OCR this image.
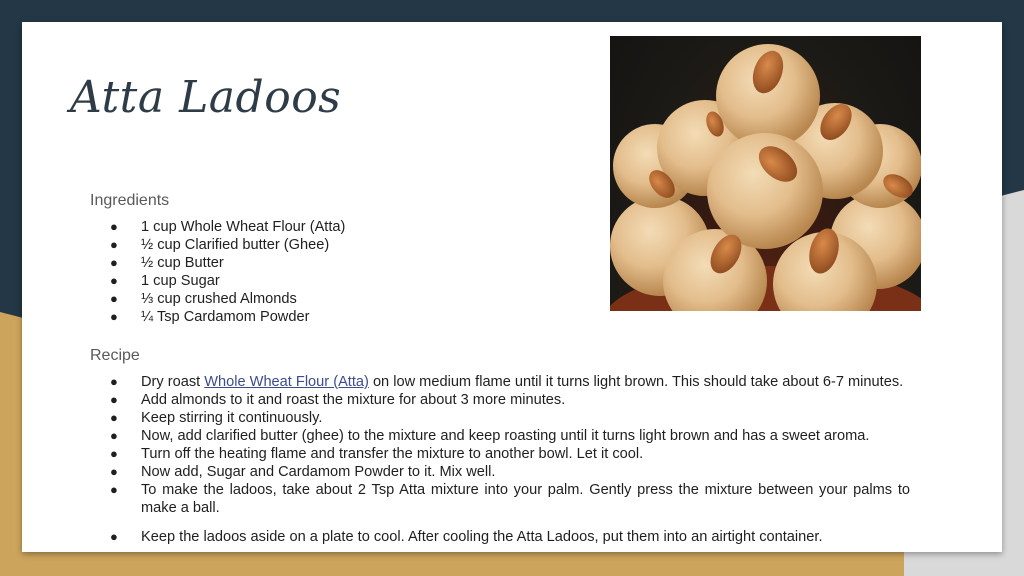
Atta Ladoos
Ingredients
● 1 cup Whole Wheat Flour (Atta)
● ½ cup Clarified butter (Ghee)
● ½ cup Butter
● 1 cup Sugar
● ⅓ cup crushed Almonds
● ¼ Tsp Cardamom Powder
Recipe
● Dry roast Whole Wheat Flour (Atta) on low medium flame until it turns light brown. This should take about 6-7 minutes.
● Add almonds to it and roast the mixture for about 3 more minutes.
● Keep stirring it continuously.
● Now, add clarified butter (ghee) to the mixture and keep roasting until it turns light brown and has a sweet aroma.
● Turn off the heating flame and transfer the mixture to another bowl. Let it cool.
● Now add, Sugar and Cardamom Powder to it. Mix well.
● To make the ladoos, take about 2 Tsp Atta mixture into your palm. Gently press the mixture between your palms to make a ball.
● Keep the ladoos aside on a plate to cool. After cooling the Atta Ladoos, put them into an airtight container.
